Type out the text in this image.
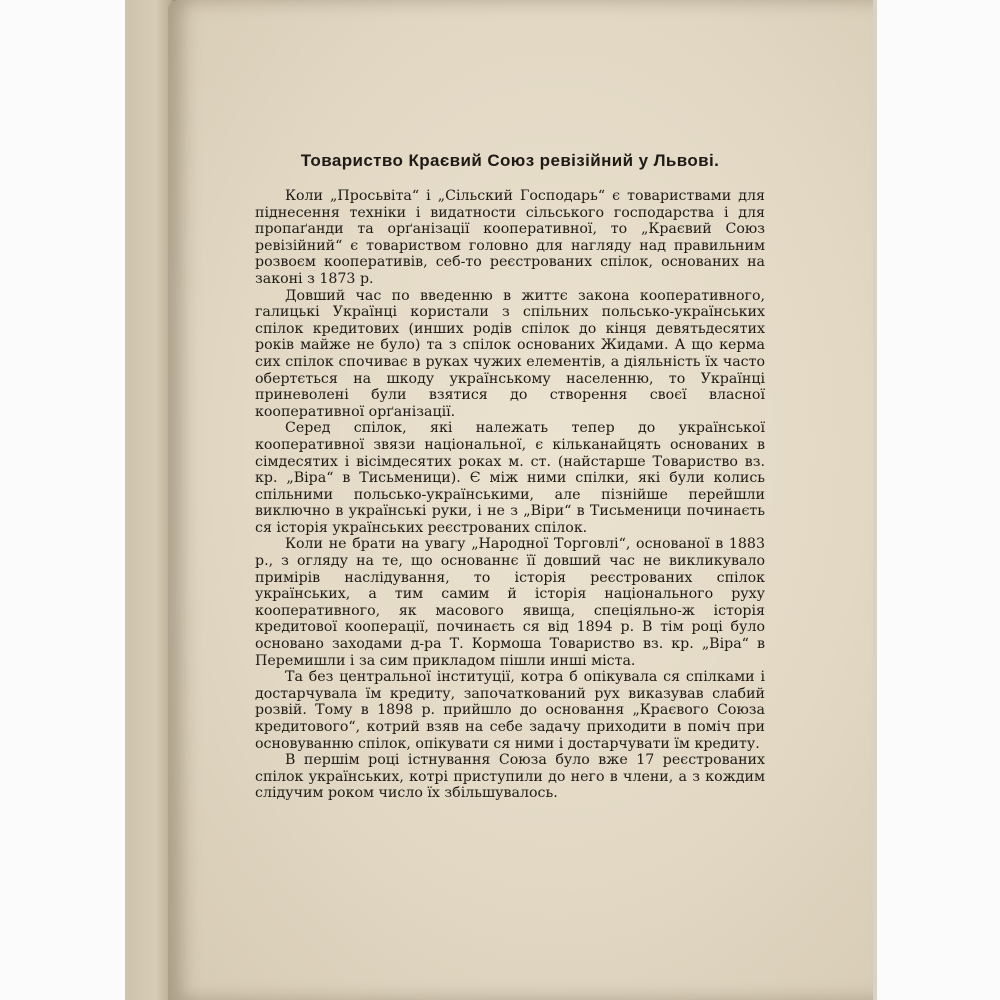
Товариство Краєвий Союз ревізійний у Львові.

Коли „Просьвіта“ і „Сільский Господарь“ є товариствами для піднесення техніки і видатности сільського господарства і для пропаґанди та орґанізації кооперативної, то „Краєвий Союз ревізійний“ є товариством головно для нагляду над правильним розвоєм кооперативів, себ-то реєстрованих спілок, основаних на законі з 1873 р.

Довший час по введенню в життє закона кооперативного, галицькі Українці користали з спільних польсько-українських спілок кредитових (инших родів спілок до кінця девятьдесятих років майже не було) та з спілок основаних Жидами. А що керма сих спілок спочиває в руках чужих елементів, а діяльність їх часто обертється на шкоду українському населенню, то Українці приневолені були взятися до створення своєї власної кооперативної орґанізації.

Серед спілок, які належать тепер до української кооперативної звязи національної, є кільканайцять основаних в сімдесятих і вісімдесятих роках м. ст. (найстарше Товариство вз. кр. „Віра“ в Тисьменици). Є між ними спілки, які були колись спільними польсько-українськими, але пізнійше перейшли виключно в українські руки, і не з „Віри“ в Тисьменици починаєть ся історія українських реєстрованих спілок.

Коли не брати на увагу „Народної Торговлі“, основаної в 1883 р., з огляду на те, що основаннє її довший час не викликувало примірів наслідування, то історія реєстрованих спілок українських, а тим самим й історія національного руху кооперативного, як масового явища, спеціяльно-ж історія кредитової кооперації, починаєть ся від 1894 р. В тім році було основано заходами д-ра Т. Кормоша Товариство вз. кр. „Віра“ в Перемишли і за сим прикладом пішли инші міста.

Та без центральної інституції, котра б опікувала ся спілками і достарчувала їм кредиту, започаткований рух виказував слабий розвій. Тому в 1898 р. прийшло до основання „Краєвого Союза кредитового“, котрий взяв на себе задачу приходити в поміч при основуванню спілок, опікувати ся ними і достарчувати їм кредиту.

В першім році істнування Союза було вже 17 реєстрованих спілок українських, котрі приступили до него в члени, а з кождим слідучим роком число їх збільшувалось.
